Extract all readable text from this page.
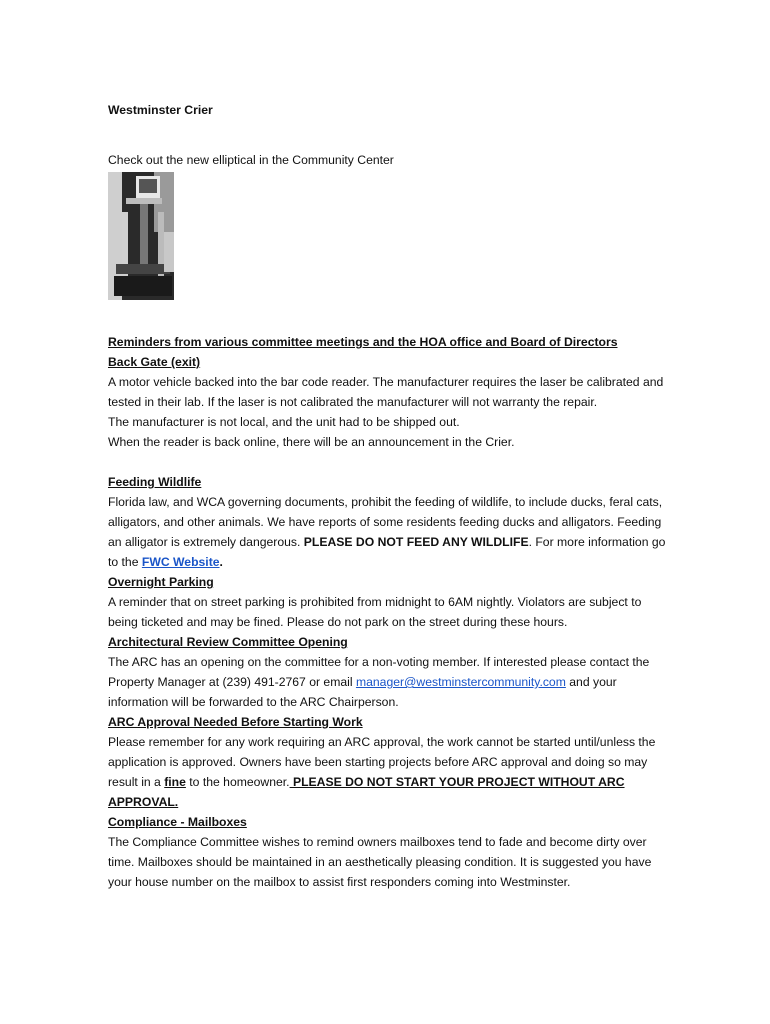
Westminster Crier

Check out the new elliptical in the Community Center

Reminders from various committee meetings and the HOA office and Board of Directors
Back Gate (exit)

A motor vehicle backed into the bar code reader. The manufacturer requires the laser be calibrated and tested in their lab. If the laser is not calibrated the manufacturer will not warranty the repair.

The manufacturer is not local, and the unit had to be shipped out.

When the reader is back online, there will be an announcement in the Crier.

Feeding Wildlife

Florida law, and WCA governing documents, prohibit the feeding of wildlife, to include ducks, feral cats, alligators, and other animals. We have reports of some residents feeding ducks and alligators. Feeding an alligator is extremely dangerous. PLEASE DO NOT FEED ANY WILDLIFE. For more information go to the FWC Website.

Overnight Parking

A reminder that on street parking is prohibited from midnight to 6AM nightly. Violators are subject to being ticketed and may be fined. Please do not park on the street during these hours.

Architectural Review Committee Opening

The ARC has an opening on the committee for a non-voting member. If interested please contact the Property Manager at (239) 491-2767 or email manager@westminstercommunity.com and your information will be forwarded to the ARC Chairperson.

ARC Approval Needed Before Starting Work

Please remember for any work requiring an ARC approval, the work cannot be started until/unless the application is approved. Owners have been starting projects before ARC approval and doing so may result in a fine to the homeowner. PLEASE DO NOT START YOUR PROJECT WITHOUT ARC APPROVAL.

Compliance - Mailboxes

The Compliance Committee wishes to remind owners mailboxes tend to fade and become dirty over time. Mailboxes should be maintained in an aesthetically pleasing condition. It is suggested you have your house number on the mailbox to assist first responders coming into Westminster.
